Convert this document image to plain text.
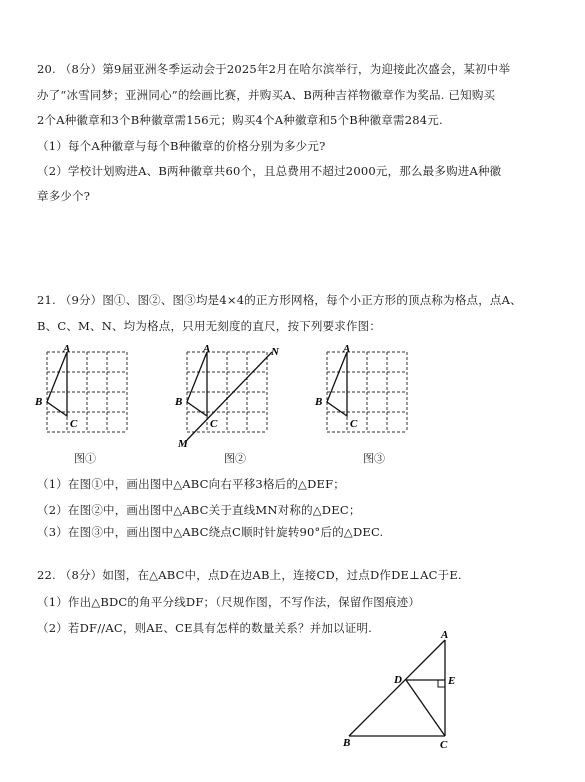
20. （8分）第9届亚洲冬季运动会于2025年2月在哈尔滨举行，为迎接此次盛会，某初中举
办了“冰雪同梦；亚洲同心”的绘画比赛，并购买A、B两种吉祥物徽章作为奖品. 已知购买
2个A种徽章和3个B种徽章需156元；购买4个A种徽章和5个B种徽章需284元.
（1）每个A种徽章与每个B种徽章的价格分别为多少元?
（2）学校计划购进A、B两种徽章共60个，且总费用不超过2000元，那么最多购进A种徽
章多少个?
21. （9分）图①、图②、图③均是4×4的正方形网格，每个小正方形的顶点称为格点，点A、
B、C、M、N、均为格点，只用无刻度的直尺，按下列要求作图：
A
B
C
A
B
C
M
N	A
B
C
图①	图②	图③
（1）在图①中，画出图中△ABC向右平移3格后的△DEF；
（2）在图②中，画出图中△ABC关于直线MN对称的△DEC；
（3）在图③中，画出图中△ABC绕点C顺时针旋转90°后的△DEC.
22. （8分）如图，在△ABC中，点D在边AB上，连接CD，过点D作DE⊥AC于E.
（1）作出△BDC的角平分线DF；（尺规作图，不写作法，保留作图痕迹）
（2）若DF//AC，则AE、CE具有怎样的数量关系？并加以证明.	A
B	C
D	E
